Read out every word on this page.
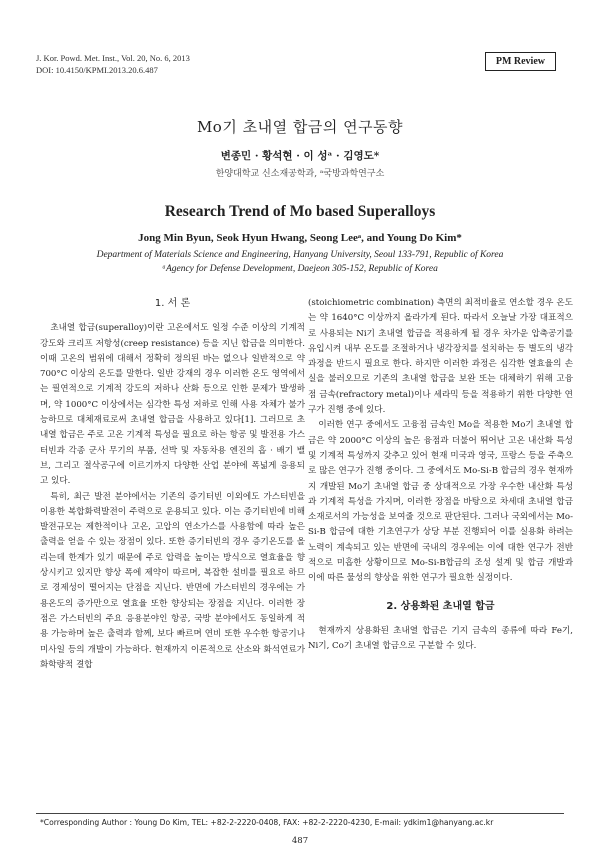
J. Kor. Powd. Met. Inst., Vol. 20, No. 6, 2013
DOI: 10.4150/KPMI.2013.20.6.487
PM Review
Mo기 초내열 합금의 연구동향
변종민 · 황석현 · 이 성ᵃ · 김영도*
한양대학교 신소재공학과, ᵃ국방과학연구소
Research Trend of Mo based Superalloys
Jong Min Byun, Seok Hyun Hwang, Seong Leeᵃ, and Young Do Kim*
Department of Materials Science and Engineering, Hanyang University, Seoul 133-791, Republic of Korea
ᵃAgency for Defense Development, Daejeon 305-152, Republic of Korea
1. 서 론

초내열 합금(superalloy)이란 고온에서도 일정 수준 이상의 기계적 강도와 크리프 저항성(creep resistance) 등을 지닌 합금을 의미한다. 이때 고온의 범위에 대해서 정확히 정의된 바는 없으나 일반적으로 약 700°C 이상의 온도를 말한다. 일반 강재의 경우 이러한 온도 영역에서는 필연적으로 기계적 강도의 저하나 산화 등으로 인한 문제가 발생하며, 약 1000°C 이상에서는 심각한 특성 저하로 인해 사용 자체가 불가능하므로 대체재료로써 초내열 합금을 사용하고 있다[1]. 그러므로 초내열 합금은 주로 고온 기계적 특성을 필요로 하는 항공 및 발전용 가스터빈과 각종 군사 무기의 부품, 선박 및 자동차용 엔진의 흡 · 배기 밸브, 그리고 절삭공구에 이르기까지 다양한 산업 분야에 폭넓게 응용되고 있다.

특히, 최근 발전 분야에서는 기존의 증기터빈 이외에도 가스터빈을 이용한 복합화력발전이 주력으로 운용되고 있다. 이는 증기터빈에 비해 발전규모는 제한적이나 고온, 고압의 연소가스를 사용함에 따라 높은 출력을 얻을 수 있는 장점이 있다. 또한 증기터빈의 경우 증기온도를 올리는데 한계가 있기 때문에 주로 압력을 높이는 방식으로 열효율을 향상시키고 있지만 향상 폭에 제약이 따르며, 복잡한 설비를 필요로 하므로 경제성이 떨어지는 단점을 지닌다. 반면에 가스터빈의 경우에는 가용온도의 증가만으로 열효율 또한 향상되는 장점을 지닌다. 이러한 장점은 가스터빈의 주요 응용분야인 항공, 국방 분야에서도 동일하게 적용 가능하며 높은 출력과 함께, 보다 빠르며 연비 또한 우수한 항공기나 미사일 등의 개발이 가능하다. 현재까지 이론적으로 산소와 화석연료가 화학량적 결합

(stoichiometric combination) 측면의 최적비율로 연소할 경우 온도는 약 1640°C 이상까지 올라가게 된다. 따라서 오늘날 가장 대표적으로 사용되는 Ni기 초내열 합금을 적용하게 될 경우 차가운 압축공기를 유입시켜 내부 온도를 조절하거나 냉각장치를 설치하는 등 별도의 냉각과정을 반드시 필요로 한다. 하지만 이러한 과정은 심각한 열효율의 손실을 불러오므로 기존의 초내열 합금을 보완 또는 대체하기 위해 고융점 금속(refractory metal)이나 세라믹 등을 적용하기 위한 다양한 연구가 진행 중에 있다.

이러한 연구 중에서도 고융점 금속인 Mo을 적용한 Mo기 초내열 합금은 약 2000°C 이상의 높은 융점과 더불어 뛰어난 고온 내산화 특성 및 기계적 특성까지 갖추고 있어 현재 미국과 영국, 프랑스 등을 주축으로 많은 연구가 진행 중이다. 그 중에서도 Mo-Si-B 합금의 경우 현재까지 개발된 Mo기 초내열 합금 중 상대적으로 가장 우수한 내산화 특성과 기계적 특성을 가지며, 이러한 장점을 바탕으로 차세대 초내열 합금 소재로서의 가능성을 보여줄 것으로 판단된다. 그러나 국외에서는 Mo-Si-B 합금에 대한 기초연구가 상당 부분 진행되어 이를 실용화 하려는 노력이 계속되고 있는 반면에 국내의 경우에는 이에 대한 연구가 전반적으로 미흡한 상황이므로 Mo-Si-B합금의 조성 설계 및 합금 개발과 이에 따른 물성의 향상을 위한 연구가 필요한 실정이다.

2. 상용화된 초내열 합금

현재까지 상용화된 초내열 합금은 기지 금속의 종류에 따라 Fe기, Ni기, Co기 초내열 합금으로 구분할 수 있다.

*Corresponding Author : Young Do Kim, TEL: +82-2-2220-0408, FAX: +82-2-2220-4230, E-mail: ydkim1@hanyang.ac.kr
487
